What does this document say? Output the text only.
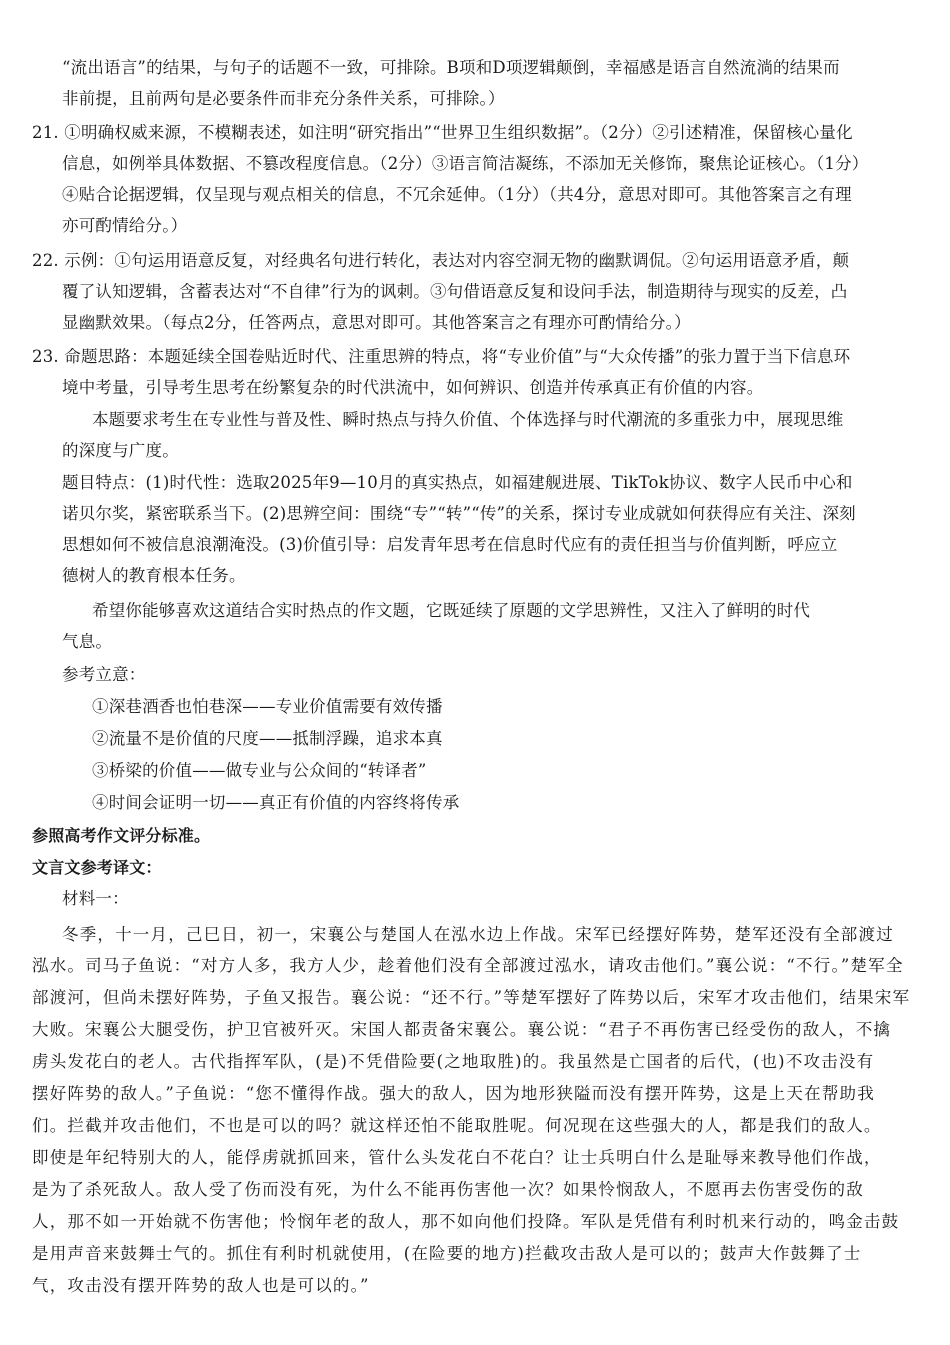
“流出语言”的结果，与句子的话题不一致，可排除。B项和D项逻辑颠倒，幸福感是语言自然流淌的结果而
非前提，且前两句是必要条件而非充分条件关系，可排除。）
21. ①明确权威来源，不模糊表述，如注明“研究指出”“世界卫生组织数据”。（2分）②引述精准，保留核心量化
信息，如例举具体数据、不篡改程度信息。（2分）③语言简洁凝练，不添加无关修饰，聚焦论证核心。（1分）
④贴合论据逻辑，仅呈现与观点相关的信息，不冗余延伸。（1分）（共4分，意思对即可。其他答案言之有理
亦可酌情给分。）
22. 示例：①句运用语意反复，对经典名句进行转化，表达对内容空洞无物的幽默调侃。②句运用语意矛盾，颠
覆了认知逻辑，含蓄表达对“不自律”行为的讽刺。③句借语意反复和设问手法，制造期待与现实的反差，凸
显幽默效果。（每点2分，任答两点，意思对即可。其他答案言之有理亦可酌情给分。）
23. 命题思路：本题延续全国卷贴近时代、注重思辨的特点，将“专业价值”与“大众传播”的张力置于当下信息环
境中考量，引导考生思考在纷繁复杂的时代洪流中，如何辨识、创造并传承真正有价值的内容。
本题要求考生在专业性与普及性、瞬时热点与持久价值、个体选择与时代潮流的多重张力中，展现思维
的深度与广度。
题目特点：(1)时代性：选取2025年9—10月的真实热点，如福建舰进展、TikTok协议、数字人民币中心和
诺贝尔奖，紧密联系当下。(2)思辨空间：围绕“专”“转”“传”的关系，探讨专业成就如何获得应有关注、深刻
思想如何不被信息浪潮淹没。(3)价值引导：启发青年思考在信息时代应有的责任担当与价值判断，呼应立
德树人的教育根本任务。
希望你能够喜欢这道结合实时热点的作文题，它既延续了原题的文学思辨性，又注入了鲜明的时代
气息。
参考立意：
①深巷酒香也怕巷深——专业价值需要有效传播
②流量不是价值的尺度——抵制浮躁，追求本真
③桥梁的价值——做专业与公众间的“转译者”
④时间会证明一切——真正有价值的内容终将传承
参照高考作文评分标准。
文言文参考译文：
材料一：
冬季，十一月，己巳日，初一，宋襄公与楚国人在泓水边上作战。宋军已经摆好阵势，楚军还没有全部渡过
泓水。司马子鱼说：“对方人多，我方人少，趁着他们没有全部渡过泓水，请攻击他们。”襄公说：“不行。”楚军全
部渡河，但尚未摆好阵势，子鱼又报告。襄公说：“还不行。”等楚军摆好了阵势以后，宋军才攻击他们，结果宋军
大败。宋襄公大腿受伤，护卫官被歼灭。宋国人都责备宋襄公。襄公说：“君子不再伤害已经受伤的敌人，不擒
虏头发花白的老人。古代指挥军队，(是)不凭借险要(之地取胜)的。我虽然是亡国者的后代，(也)不攻击没有
摆好阵势的敌人。”子鱼说：“您不懂得作战。强大的敌人，因为地形狭隘而没有摆开阵势，这是上天在帮助我
们。拦截并攻击他们，不也是可以的吗？就这样还怕不能取胜呢。何况现在这些强大的人，都是我们的敌人。
即使是年纪特别大的人，能俘虏就抓回来，管什么头发花白不花白？让士兵明白什么是耻辱来教导他们作战，
是为了杀死敌人。敌人受了伤而没有死，为什么不能再伤害他一次？如果怜悯敌人，不愿再去伤害受伤的敌
人，那不如一开始就不伤害他；怜悯年老的敌人，那不如向他们投降。军队是凭借有利时机来行动的，鸣金击鼓
是用声音来鼓舞士气的。抓住有利时机就使用，(在险要的地方)拦截攻击敌人是可以的；鼓声大作鼓舞了士
气，攻击没有摆开阵势的敌人也是可以的。”
